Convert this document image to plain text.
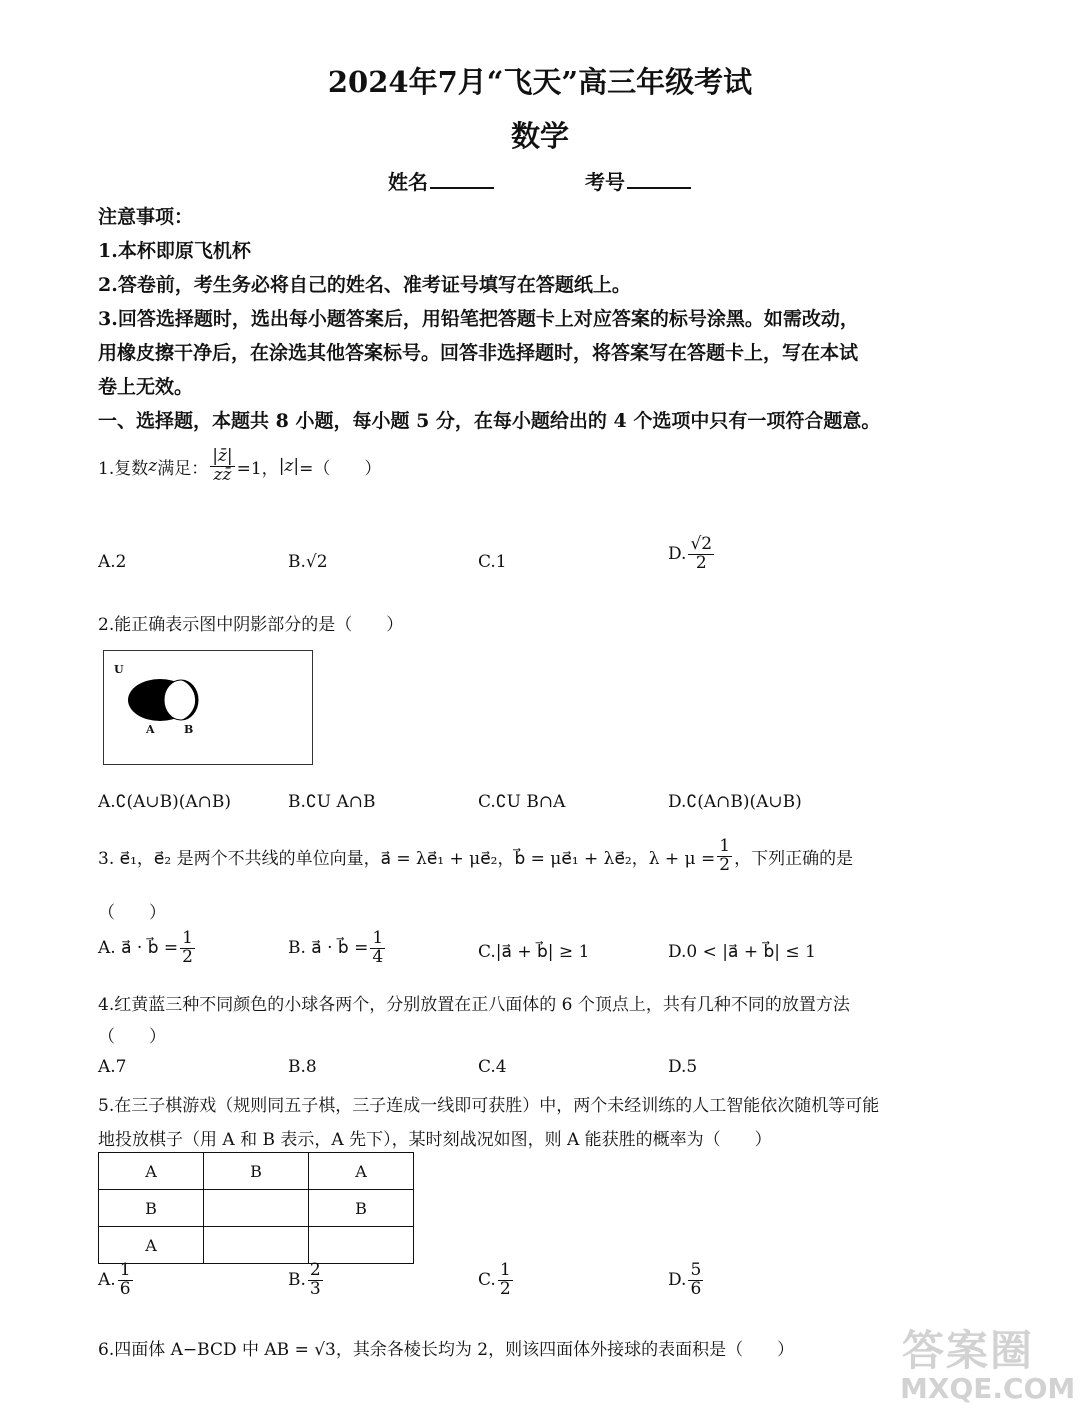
2024年7月“飞天”高三年级考试
数学
姓名	考号
注意事项：
1.本杯即原飞机杯
2.答卷前，考生务必将自己的姓名、准考证号填写在答题纸上。
3.回答选择题时，选出每小题答案后，用铅笔把答题卡上对应答案的标号涂黑。如需改动，
用橡皮擦干净后，在涂选其他答案标号。回答非选择题时，将答案写在答题卡上，写在本试
卷上无效。
一、选择题，本题共 8 小题，每小题 5 分，在每小题给出的 4 个选项中只有一项符合题意。
1.复数 z 满足： $\frac{|z̄|}{zz̄} =1$， |z| =（　　）
A.2	B.√2	C.1	D. $\frac{√2}{2}$
2.能正确表示图中阴影部分的是（　　）
U
A	B
A.∁(A∪B)(A∩B)	B.∁U A∩B	C.∁U B∩A	D.∁(A∩B)(A∪B)
3. e⃗₁，e⃗₂ 是两个不共线的单位向量，a⃗ = λe⃗₁ + μe⃗₂，b⃗ = μe⃗₁ + λe⃗₂，$\lambda + \mu = \frac{1}{2}$ ，下列正确的是
（　　）
A. a⃗ · b⃗ = $\frac{1}{2}$	B. a⃗ · b⃗ = $\frac{1}{4}$	C.|a⃗ + b⃗| ≥ 1	D.0 < |a⃗ + b⃗| ≤ 1
4.红黄蓝三种不同颜色的小球各两个，分别放置在正八面体的 6 个顶点上，共有几种不同的放置方法
（　　）
A.7	B.8	C.4	D.5
5.在三子棋游戏（规则同五子棋，三子连成一线即可获胜）中，两个未经训练的人工智能依次随机等可能
地投放棋子（用 A 和 B 表示，A 先下），某时刻战况如图，则 A 能获胜的概率为（　　）
A	B	A
B		B
A		
A. $\frac{1}{6}$	B. $\frac{2}{3}$	C. $\frac{1}{2}$	D. $\frac{5}{6}$
6.四面体 A−BCD 中 AB = √3，其余各棱长均为 2，则该四面体外接球的表面积是（　　）	答案圈
MXQE.COM
